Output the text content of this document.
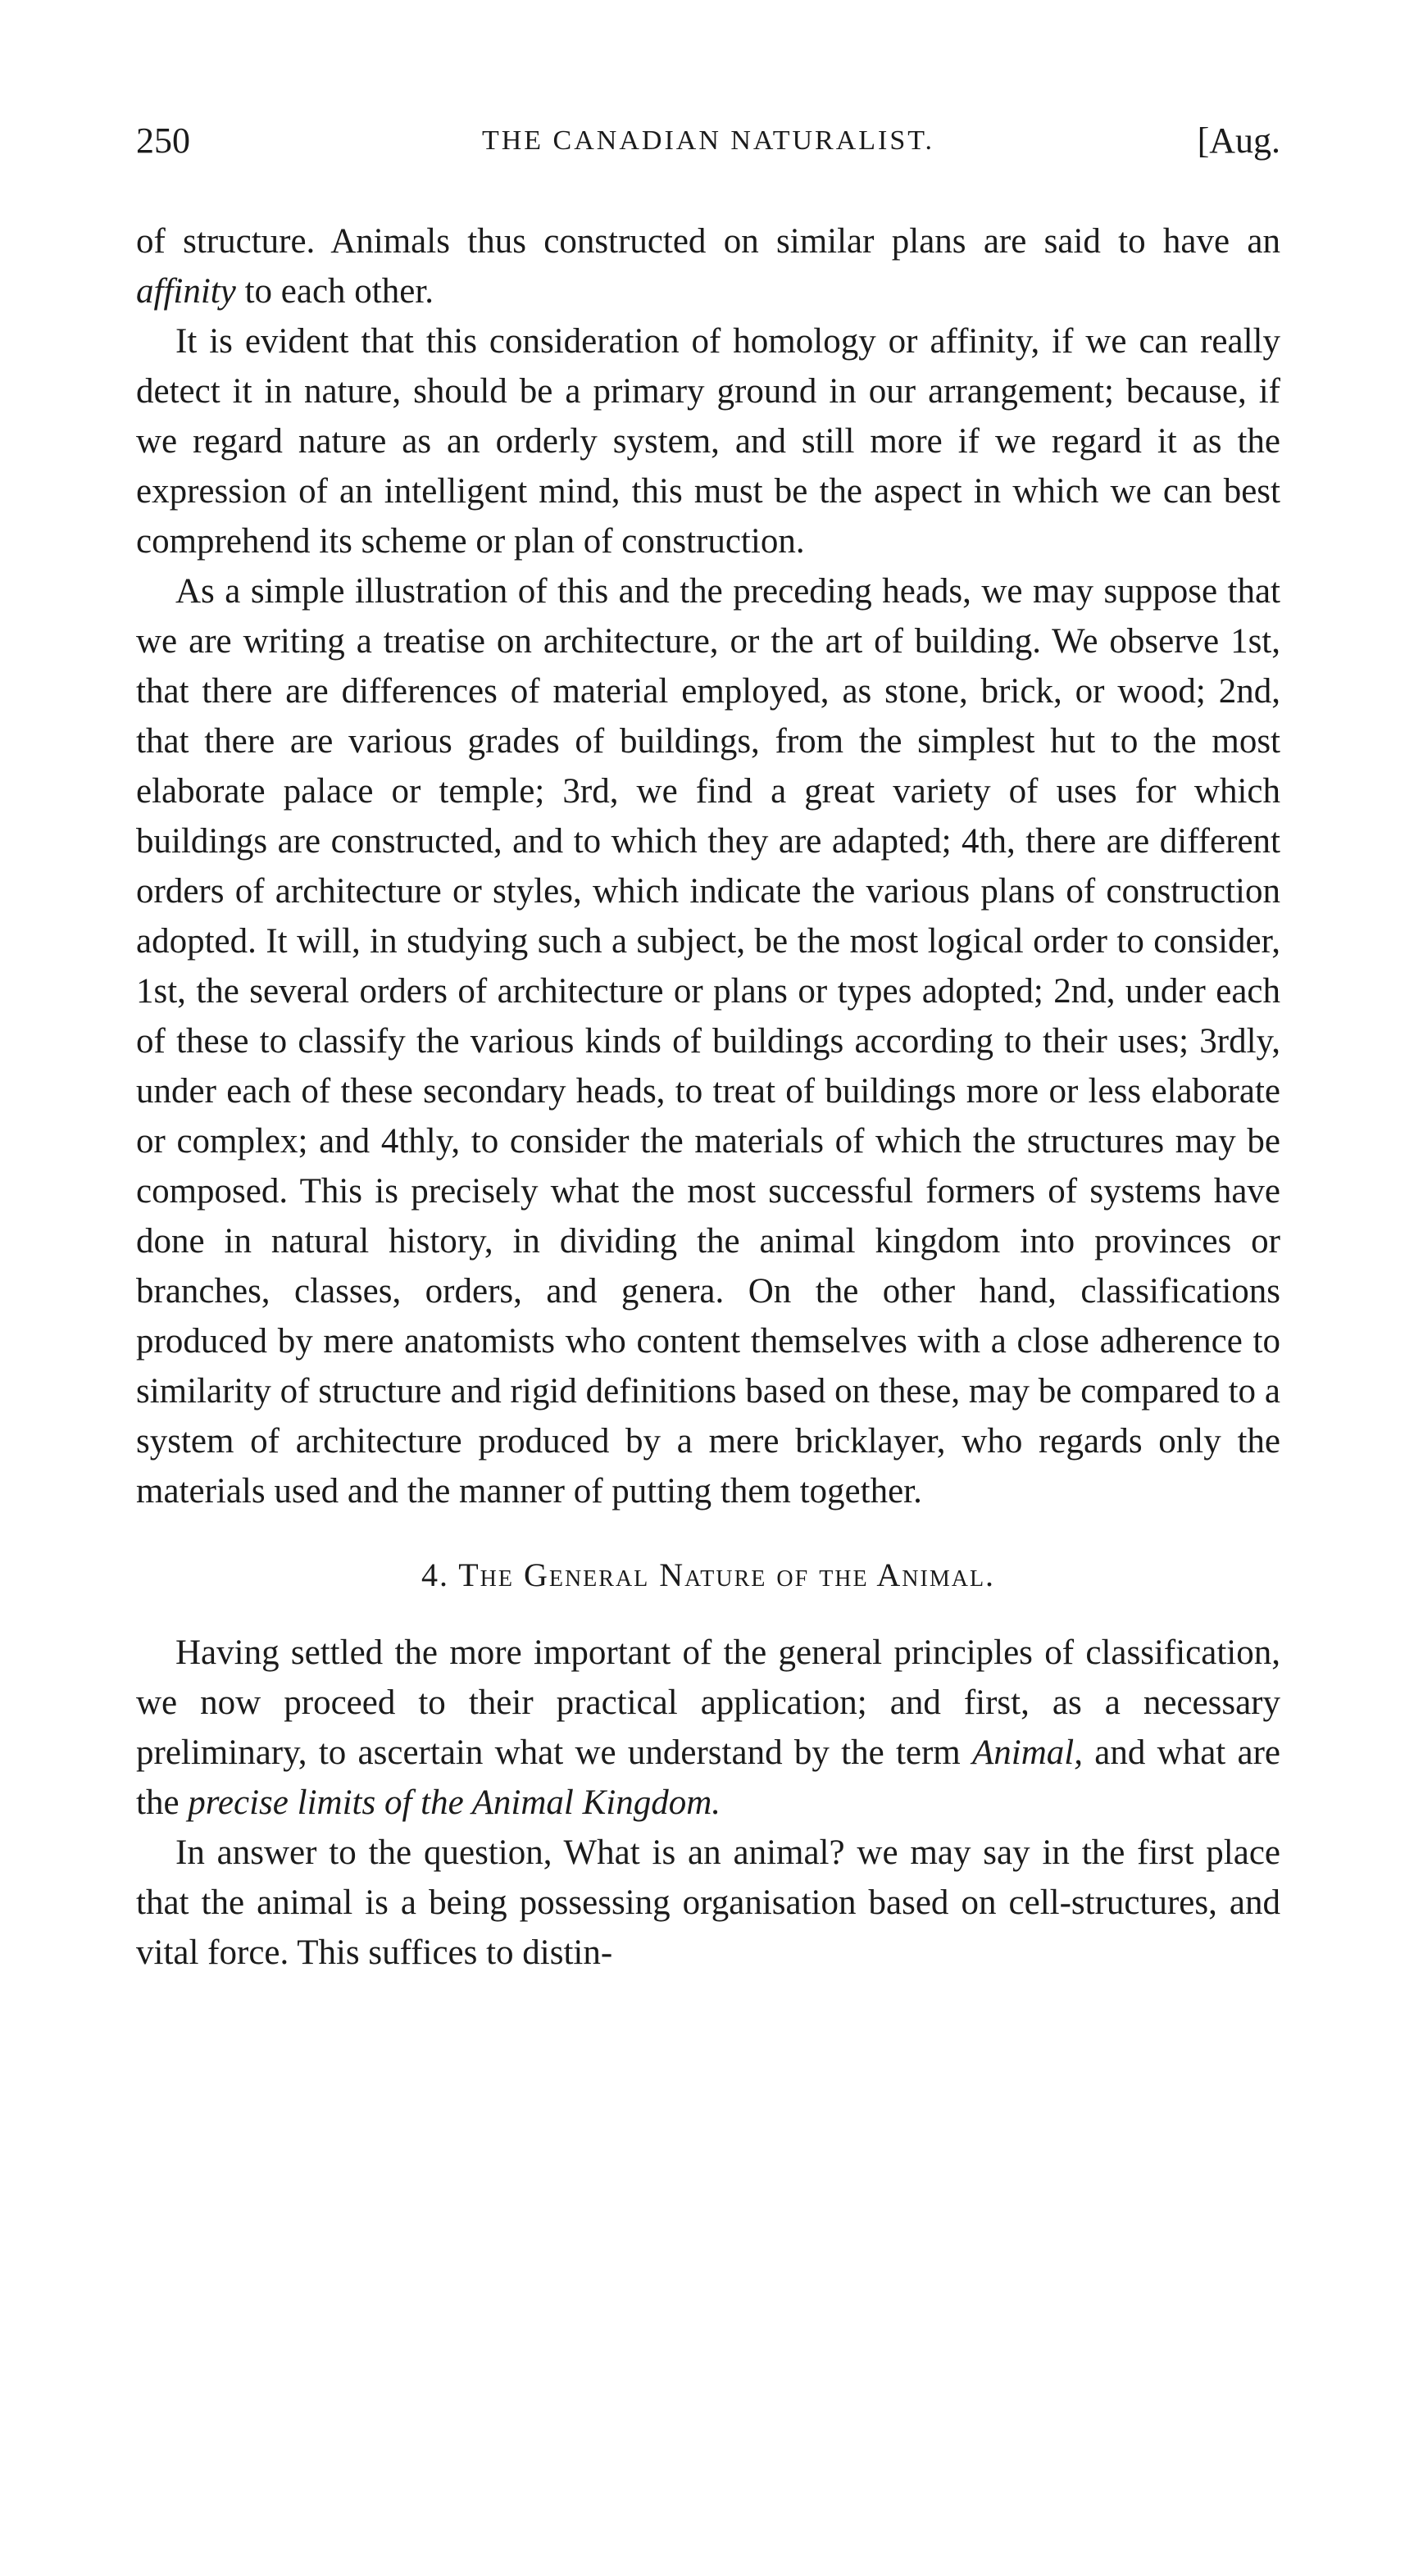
250	THE CANADIAN NATURALIST.	[Aug.

of structure. Animals thus constructed on similar plans are said to have an affinity to each other.

It is evident that this consideration of homology or affinity, if we can really detect it in nature, should be a primary ground in our arrangement; because, if we regard nature as an orderly system, and still more if we regard it as the expression of an intelligent mind, this must be the aspect in which we can best comprehend its scheme or plan of construction.

As a simple illustration of this and the preceding heads, we may suppose that we are writing a treatise on architecture, or the art of building. We observe 1st, that there are differences of material employed, as stone, brick, or wood; 2nd, that there are various grades of buildings, from the simplest hut to the most elaborate palace or temple; 3rd, we find a great variety of uses for which buildings are constructed, and to which they are adapted; 4th, there are different orders of architecture or styles, which indicate the various plans of construction adopted. It will, in studying such a subject, be the most logical order to consider, 1st, the several orders of architecture or plans or types adopted; 2nd, under each of these to classify the various kinds of buildings according to their uses; 3rdly, under each of these secondary heads, to treat of buildings more or less elaborate or complex; and 4thly, to consider the materials of which the structures may be composed. This is precisely what the most successful formers of systems have done in natural history, in dividing the animal kingdom into provinces or branches, classes, orders, and genera. On the other hand, classifications produced by mere anatomists who content themselves with a close adherence to similarity of structure and rigid definitions based on these, may be compared to a system of architecture produced by a mere bricklayer, who regards only the materials used and the manner of putting them together.

4. The General Nature of the Animal.

Having settled the more important of the general principles of classification, we now proceed to their practical application; and first, as a necessary preliminary, to ascertain what we understand by the term Animal, and what are the precise limits of the Animal Kingdom.

In answer to the question, What is an animal? we may say in the first place that the animal is a being possessing organisation based on cell-structures, and vital force. This suffices to distin-
